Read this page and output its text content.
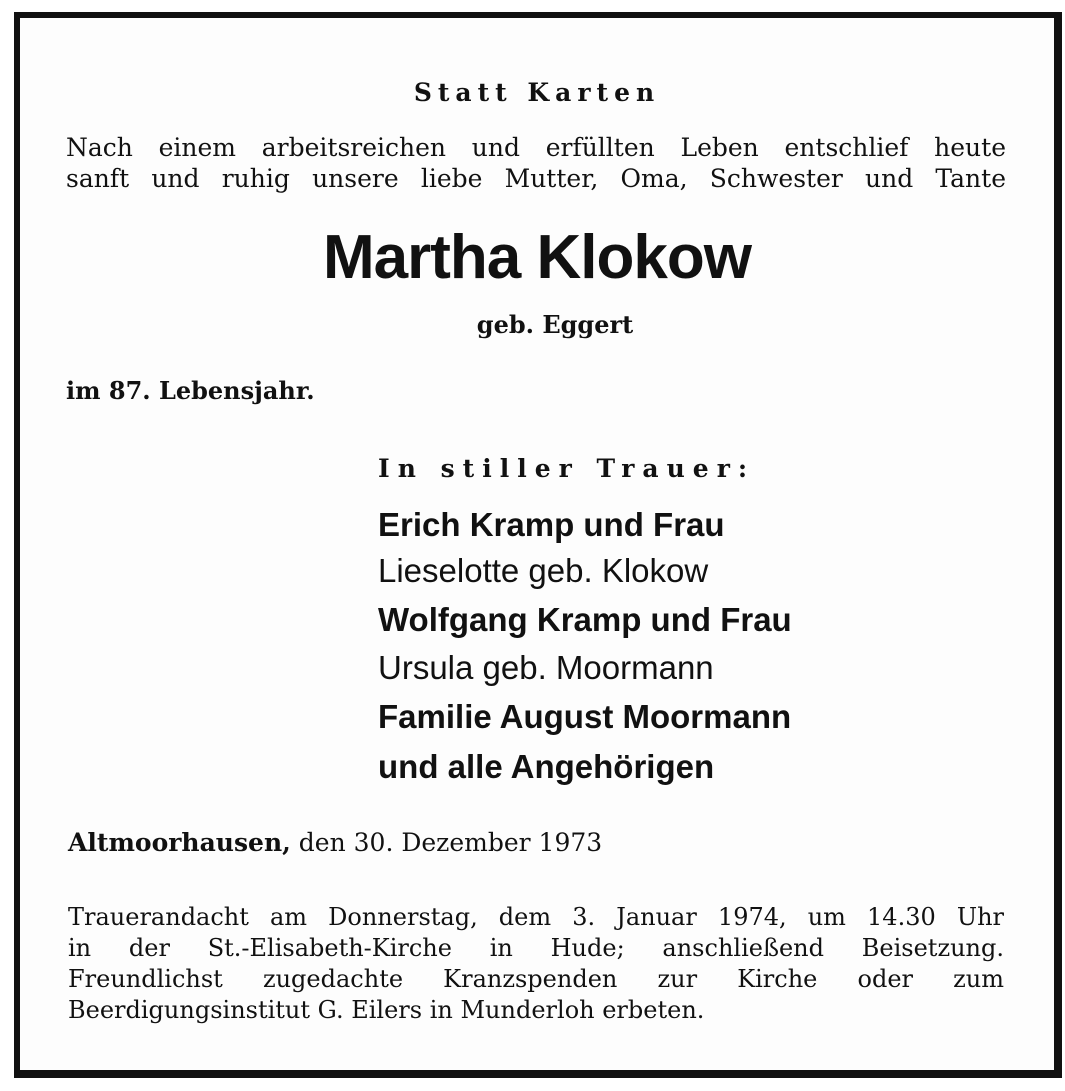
Statt Karten
Nach einem arbeitsreichen und erfüllten Leben entschlief heute
sanft und ruhig unsere liebe Mutter, Oma, Schwester und Tante
Martha Klokow
geb. Eggert
im 87. Lebensjahr.
In stiller Trauer:
Erich Kramp und Frau
Lieselotte geb. Klokow
Wolfgang Kramp und Frau
Ursula geb. Moormann
Familie August Moormann
und alle Angehörigen
Altmoorhausen, den 30. Dezember 1973
Trauerandacht am Donnerstag, dem 3. Januar 1974, um 14.30 Uhr
in der St.-Elisabeth-Kirche in Hude; anschließend Beisetzung.
Freundlichst zugedachte Kranzspenden zur Kirche oder zum
Beerdigungsinstitut G. Eilers in Munderloh erbeten.
